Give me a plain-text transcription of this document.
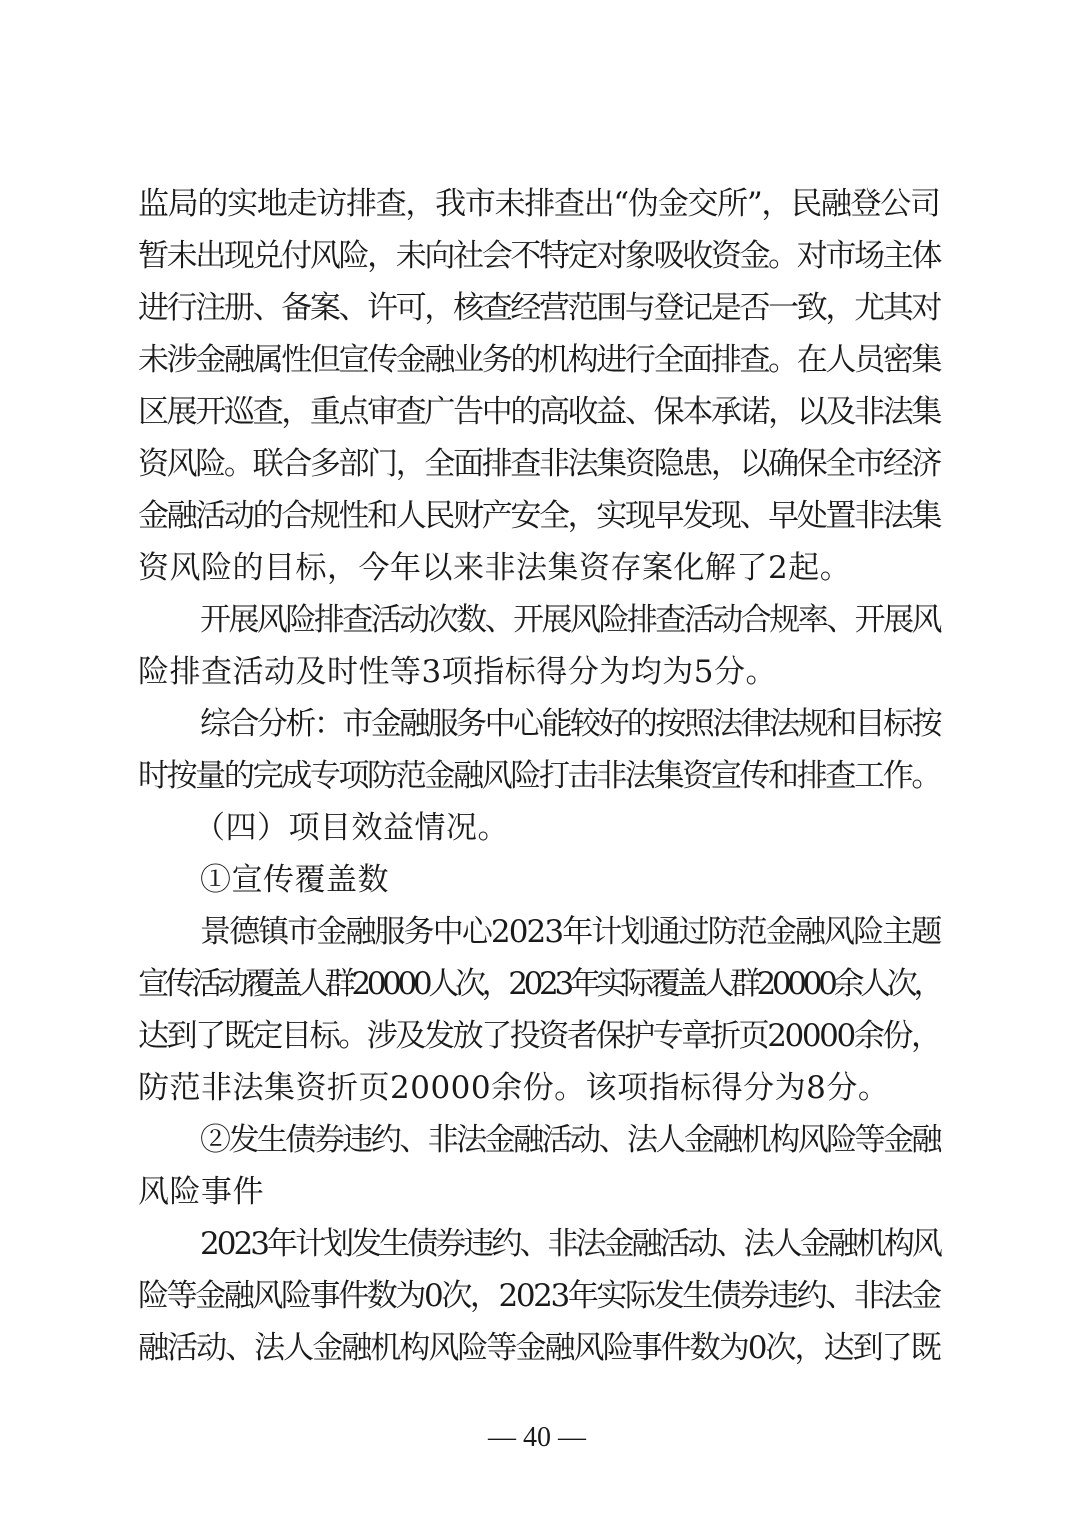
监局的实地走访排查，我市未排查出“伪金交所”，民融登公司
暂未出现兑付风险，未向社会不特定对象吸收资金。对市场主体
进行注册、备案、许可，核查经营范围与登记是否一致，尤其对
未涉金融属性但宣传金融业务的机构进行全面排查。在人员密集
区展开巡查，重点审查广告中的高收益、保本承诺，以及非法集
资风险。联合多部门，全面排查非法集资隐患，以确保全市经济
金融活动的合规性和人民财产安全，实现早发现、早处置非法集
资风险的目标，今年以来非法集资存案化解了2起。
开展风险排查活动次数、开展风险排查活动合规率、开展风
险排查活动及时性等3项指标得分为均为5分。
综合分析：市金融服务中心能较好的按照法律法规和目标按
时按量的完成专项防范金融风险打击非法集资宣传和排查工作。
（四）项目效益情况。
①宣传覆盖数
景德镇市金融服务中心2023年计划通过防范金融风险主题
宣传活动覆盖人群20000人次，2023年实际覆盖人群20000余人次，
达到了既定目标。涉及发放了投资者保护专章折页20000余份，
防范非法集资折页20000余份。该项指标得分为8分。
②发生债券违约、非法金融活动、法人金融机构风险等金融
风险事件
2023年计划发生债券违约、非法金融活动、法人金融机构风
险等金融风险事件数为0次，2023年实际发生债券违约、非法金
融活动、法人金融机构风险等金融风险事件数为0次，达到了既
— 40 —
